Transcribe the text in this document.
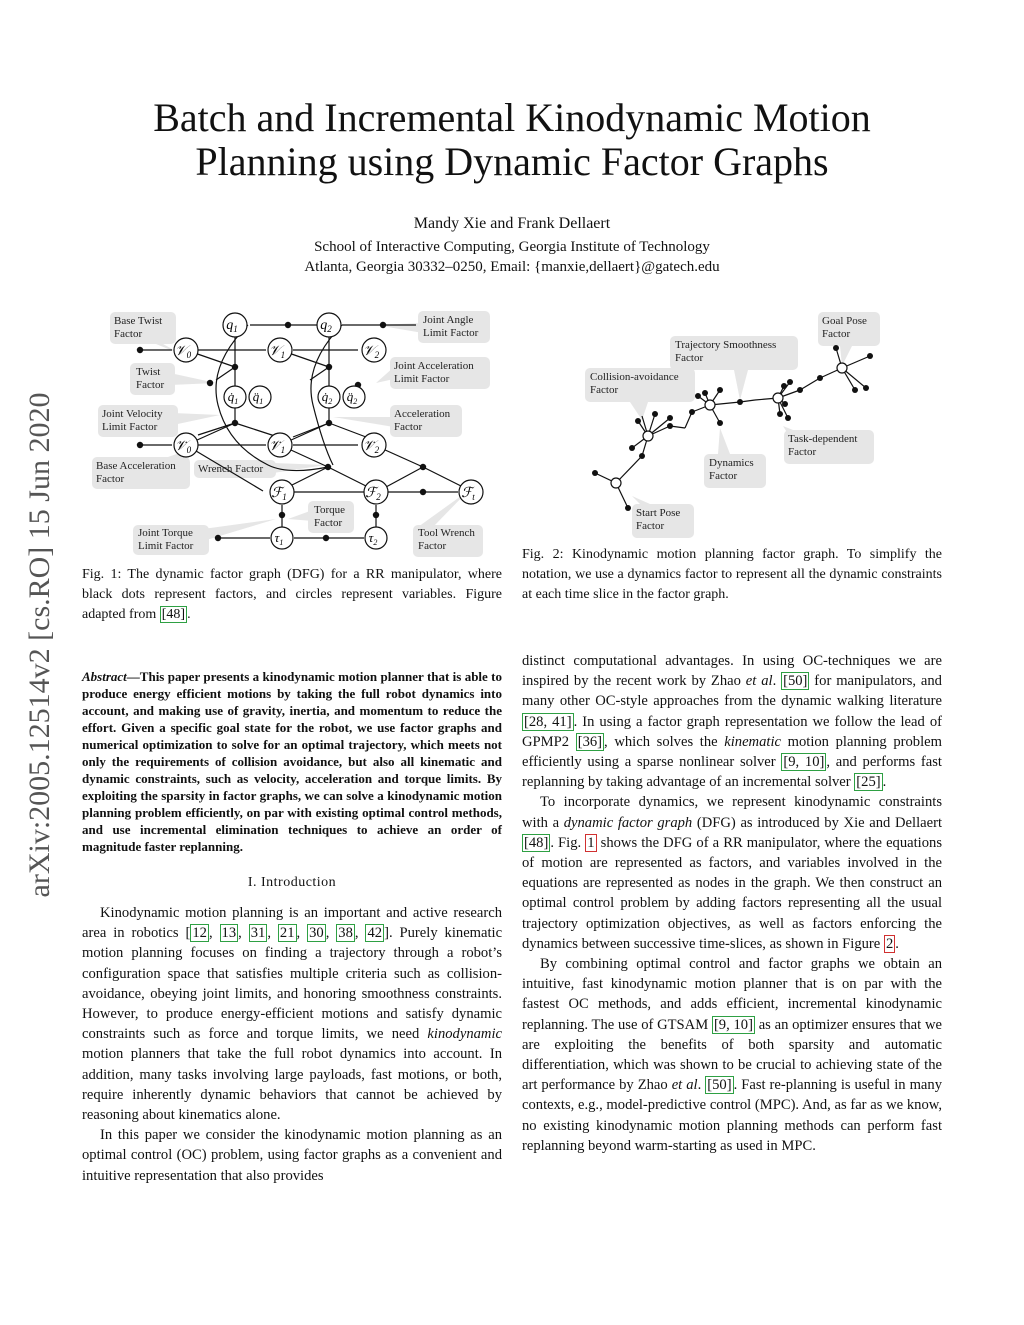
Batch and Incremental Kinodynamic Motion
Planning using Dynamic Factor Graphs
Mandy Xie and Frank Dellaert
School of Interactive Computing, Georgia Institute of Technology
Atlanta, Georgia 30332–0250, Email: {manxie,dellaert}@gatech.edu
arXiv:2005.12514v2 [cs.RO] 15 Jun 2020
𝒱$_0$	𝒱$_1$	𝒱$_2$
$q_1$	$q_2$
$q̇_1$ $q̈_1$	$q̇_2$ $q̈_2$
$𝒱̇_0$	$𝒱̇_1$	$𝒱̇_2$
ℱ$_1$	ℱ$_2$	ℱ$_t$
$\tau_1$	$\tau_2$
Base Twist Factor
Twist Factor
Joint Velocity Limit Factor
Base Acceleration Factor
Wrench Factor
Joint Torque Limit Factor
Torque Factor
Tool Wrench Factor
Joint Angle Limit Factor
Joint Acceleration Limit Factor
Acceleration Factor
Fig. 1: The dynamic factor graph (DFG) for a RR manipulator, where black dots represent factors, and circles represent variables. Figure adapted from [48] .
Goal Pose Factor
Trajectory Smoothness Factor
Collision-avoidance Factor
Task-dependent Factor
Dynamics Factor
Start Pose Factor
Fig. 2: Kinodynamic motion planning factor graph. To simplify the notation, we use a dynamics factor to represent all the dynamic constraints at each time slice in the factor graph.
Abstract—This paper presents a kinodynamic motion planner that is able to produce energy efficient motions by taking the full robot dynamics into account, and making use of gravity, inertia, and momentum to reduce the effort. Given a specific goal state for the robot, we use factor graphs and numerical optimization to solve for an optimal trajectory, which meets not only the requirements of collision avoidance, but also all kinematic and dynamic constraints, such as velocity, acceleration and torque limits. By exploiting the sparsity in factor graphs, we can solve a kinodynamic motion planning problem efficiently, on par with existing optimal control methods, and use incremental elimination techniques to achieve an order of magnitude faster replanning.
I. Introduction

Kinodynamic motion planning is an important and active research area in robotics [ 12 , 13 , 31 , 21 , 30 , 38 , 42 ]. Purely kinematic motion planning focuses on finding a trajectory through a robot’s configuration space that satisfies multiple criteria such as collision-avoidance, obeying joint limits, and honoring smoothness constraints. However, to produce energy-efficient motions and satisfy dynamic constraints such as force and torque limits, we need kinodynamic motion planners that take the full robot dynamics into account. In addition, many tasks involving large payloads, fast motions, or both, require inherently dynamic behaviors that cannot be achieved by reasoning about kinematics alone.

In this paper we consider the kinodynamic motion planning as an optimal control (OC) problem, using factor graphs as a convenient and intuitive representation that also provides

distinct computational advantages. In using OC-techniques we are inspired by the recent work by Zhao et al. [50] for manipulators, and many other OC-style approaches from the dynamic walking literature [28, 41] . In using a factor graph representation we follow the lead of GPMP2 [36] , which solves the kinematic motion planning problem efficiently using a sparse nonlinear solver [9, 10] , and performs fast replanning by taking advantage of an incremental solver [25] .

To incorporate dynamics, we represent kinodynamic constraints with a dynamic factor graph (DFG) as introduced by Xie and Dellaert [48] . Fig. 1 shows the DFG of a RR manipulator, where the equations of motion are represented as factors, and variables involved in the equations are represented as nodes in the graph. We then construct an optimal control problem by adding factors representing all the usual trajectory optimization objectives, as well as factors enforcing the dynamics between successive time-slices, as shown in Figure 2 .

By combining optimal control and factor graphs we obtain an intuitive, fast kinodynamic motion planner that is on par with the fastest OC methods, and adds efficient, incremental kinodynamic replanning. The use of GTSAM [9, 10] as an optimizer ensures that we are exploiting the benefits of both sparsity and automatic differentiation, which was shown to be crucial to achieving state of the art performance by Zhao et al. [50] . Fast re-planning is useful in many contexts, e.g., model-predictive control (MPC). And, as far as we know, no existing kinodynamic motion planning methods can perform fast replanning beyond warm-starting as used in MPC.
